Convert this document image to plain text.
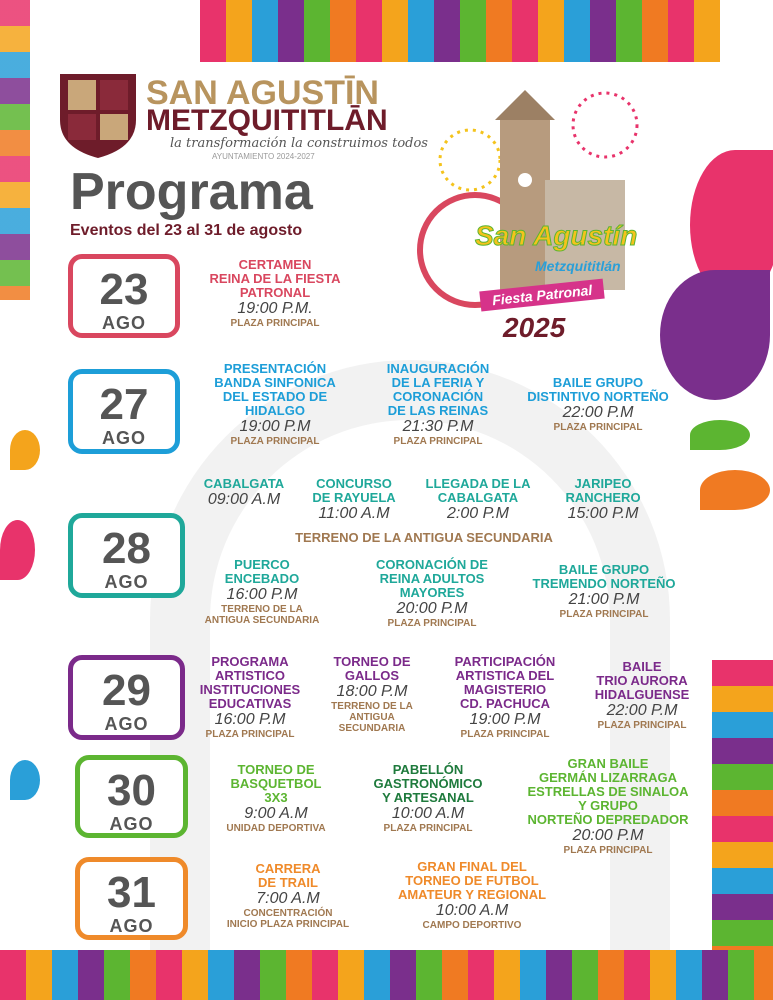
SAN AGUSTĪN
METZQUITITLĀN
la transformación la construimos todos
AYUNTAMIENTO 2024-2027
Programa
Eventos del 23 al 31 de agosto	San Agustín
Metzquititlán
Fiesta Patronal
2025
23
AGO
CERTAMEN
REINA DE LA FIESTA
PATRONAL
19:00 P.M.
PLAZA PRINCIPAL
27
AGO
PRESENTACIÓN
BANDA SINFONICA
DEL ESTADO DE
HIDALGO
19:00 P.M
PLAZA PRINCIPAL
INAUGURACIÓN
DE LA FERIA Y
CORONACIÓN
DE LAS REINAS
21:30 P.M
PLAZA PRINCIPAL
BAILE GRUPO
DISTINTIVO NORTEÑO
22:00 P.M
PLAZA PRINCIPAL
28
AGO
CABALGATA
09:00 A.M
CONCURSO
DE RAYUELA
11:00 A.M
LLEGADA DE LA
CABALGATA
2:00 P.M
JARIPEO
RANCHERO
15:00 P.M
PUERCO
ENCEBADO
16:00 P.M
TERRENO DE LA
ANTIGUA SECUNDARIA
CORONACIÓN DE
REINA ADULTOS
MAYORES
20:00 P.M
PLAZA PRINCIPAL
BAILE GRUPO
TREMENDO NORTEÑO
21:00 P.M
PLAZA PRINCIPAL
TERRENO DE LA ANTIGUA SECUNDARIA
29
AGO
PROGRAMA
ARTISTICO
INSTITUCIONES
EDUCATIVAS
16:00 P.M
PLAZA PRINCIPAL
TORNEO DE
GALLOS
18:00 P.M
TERRENO DE LA
ANTIGUA
SECUNDARIA
PARTICIPACIÓN
ARTISTICA DEL
MAGISTERIO
CD. PACHUCA
19:00 P.M
PLAZA PRINCIPAL
BAILE
TRIO AURORA
HIDALGUENSE
22:00 P.M
PLAZA PRINCIPAL
30
AGO
TORNEO DE
BASQUETBOL
3X3
9:00 A.M
UNIDAD DEPORTIVA
PABELLÓN
GASTRONÓMICO
Y ARTESANAL
10:00 A.M
PLAZA PRINCIPAL
GRAN BAILE
GERMÁN LIZARRAGA
ESTRELLAS DE SINALOA
Y GRUPO
NORTEÑO DEPREDADOR
20:00 P.M
PLAZA PRINCIPAL
31
AGO
CARRERA
DE TRAIL
7:00 A.M
CONCENTRACIÓN
INICIO PLAZA PRINCIPAL
GRAN FINAL DEL
TORNEO DE FUTBOL
AMATEUR Y REGIONAL
10:00 A.M
CAMPO DEPORTIVO
